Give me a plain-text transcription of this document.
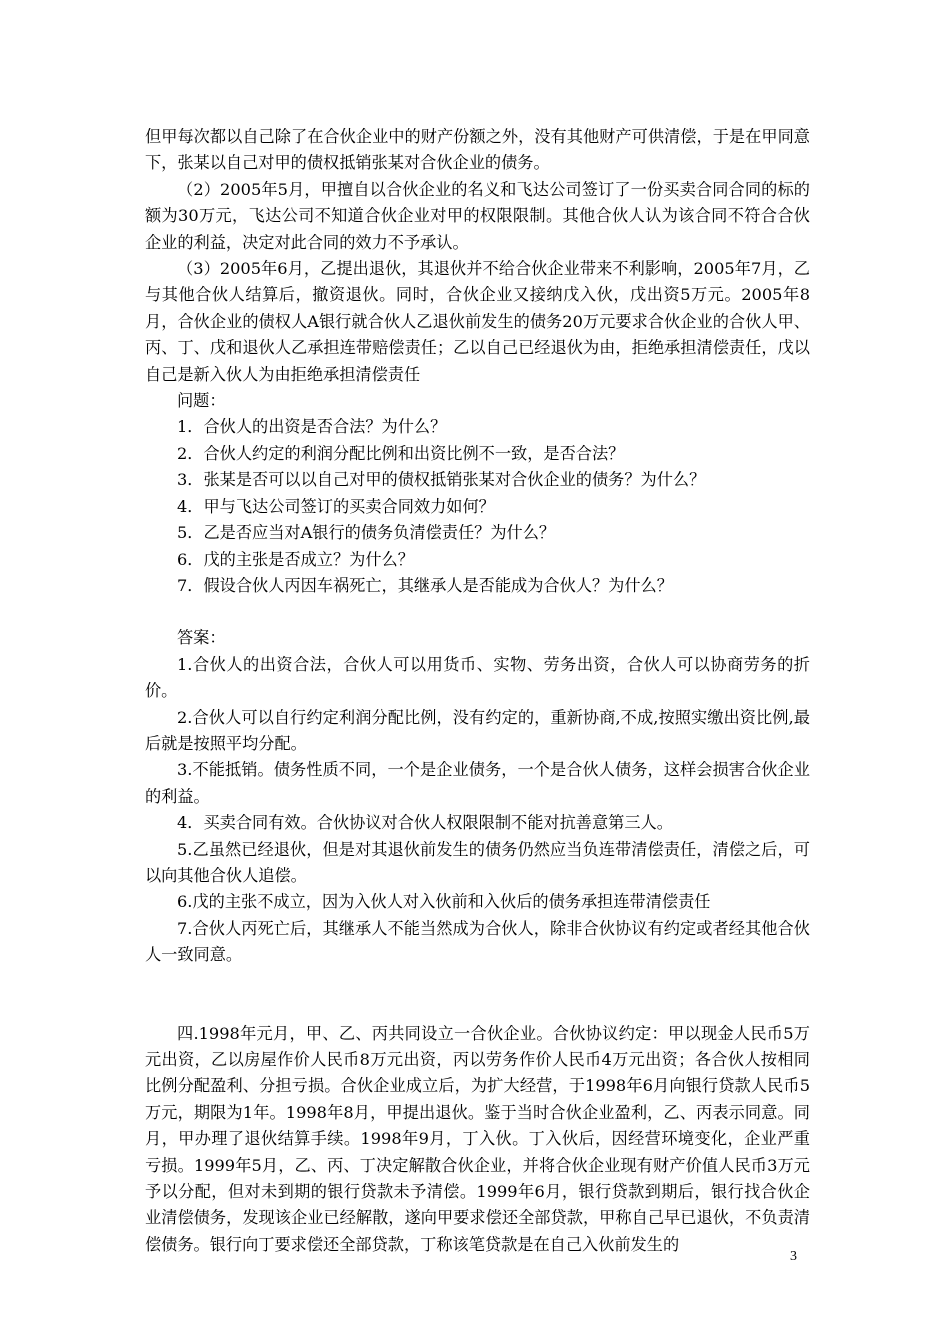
但甲每次都以自己除了在合伙企业中的财产份额之外，没有其他财产可供清偿，于是在甲同意下，张某以自己对甲的债权抵销张某对合伙企业的债务。

（2）2005年5月，甲擅自以合伙企业的名义和飞达公司签订了一份买卖合同合同的标的额为30万元，飞达公司不知道合伙企业对甲的权限限制。其他合伙人认为该合同不符合合伙企业的利益，决定对此合同的效力不予承认。

（3）2005年6月，乙提出退伙，其退伙并不给合伙企业带来不利影响，2005年7月，乙与其他合伙人结算后，撤资退伙。同时，合伙企业又接纳戊入伙，戊出资5万元。2005年8月，合伙企业的债权人A银行就合伙人乙退伙前发生的债务20万元要求合伙企业的合伙人甲、丙、丁、戊和退伙人乙承担连带赔偿责任；乙以自己已经退伙为由，拒绝承担清偿责任，戊以自己是新入伙人为由拒绝承担清偿责任

问题：

1．合伙人的出资是否合法？为什么？

2．合伙人约定的利润分配比例和出资比例不一致，是否合法？

3．张某是否可以以自己对甲的债权抵销张某对合伙企业的债务？为什么？

4．甲与飞达公司签订的买卖合同效力如何？

5．乙是否应当对A银行的债务负清偿责任？为什么？

6．戊的主张是否成立？为什么？

7．假设合伙人丙因车祸死亡，其继承人是否能成为合伙人？为什么？

答案：

1.合伙人的出资合法，合伙人可以用货币、实物、劳务出资，合伙人可以协商劳务的折价。

2.合伙人可以自行约定利润分配比例，没有约定的，重新协商,不成,按照实缴出资比例,最后就是按照平均分配。

3.不能抵销。债务性质不同，一个是企业债务，一个是合伙人债务，这样会损害合伙企业的利益。

4．买卖合同有效。合伙协议对合伙人权限限制不能对抗善意第三人。

5.乙虽然已经退伙，但是对其退伙前发生的债务仍然应当负连带清偿责任，清偿之后，可以向其他合伙人追偿。

6.戊的主张不成立，因为入伙人对入伙前和入伙后的债务承担连带清偿责任

7.合伙人丙死亡后，其继承人不能当然成为合伙人，除非合伙协议有约定或者经其他合伙人一致同意。

四.1998年元月，甲、乙、丙共同设立一合伙企业。合伙协议约定：甲以现金人民币5万元出资，乙以房屋作价人民币8万元出资，丙以劳务作价人民币4万元出资；各合伙人按相同比例分配盈利、分担亏损。合伙企业成立后，为扩大经营，于1998年6月向银行贷款人民币5万元，期限为1年。1998年8月，甲提出退伙。鉴于当时合伙企业盈利，乙、丙表示同意。同月，甲办理了退伙结算手续。1998年9月，丁入伙。丁入伙后，因经营环境变化，企业严重亏损。1999年5月，乙、丙、丁决定解散合伙企业，并将合伙企业现有财产价值人民币3万元予以分配，但对未到期的银行贷款未予清偿。1999年6月，银行贷款到期后，银行找合伙企业清偿债务，发现该企业已经解散，遂向甲要求偿还全部贷款，甲称自己早已退伙，不负责清偿债务。银行向丁要求偿还全部贷款，丁称该笔贷款是在自己入伙前发生的

3
